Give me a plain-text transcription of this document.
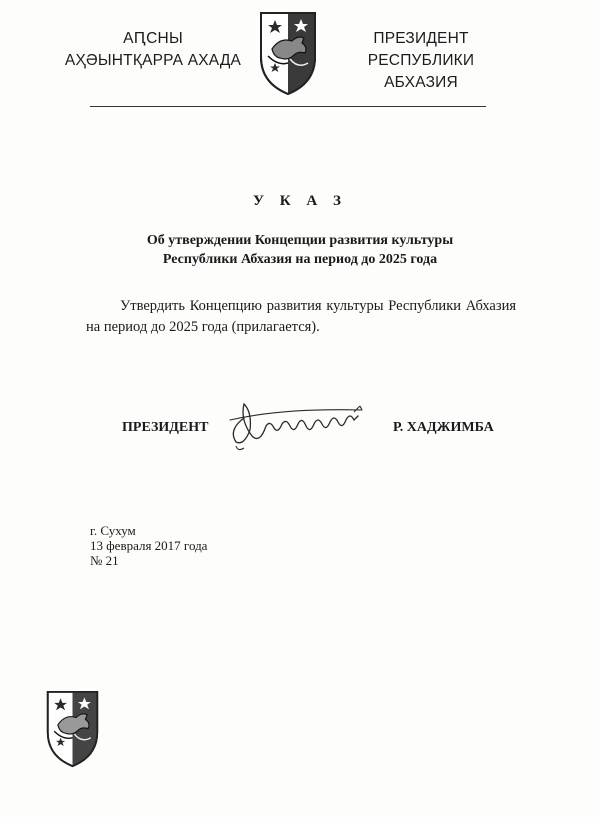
АԤСНЫ
АҲӘЫНТҚАРРА АХАДА
ПРЕЗИДЕНТ
РЕСПУБЛИКИ АБХАЗИЯ
У К А З
Об утверждении Концепции развития культуры
Республики Абхазия на период до 2025 года
Утвердить Концепцию развития культуры Республики Абхазия на период до 2025 года (прилагается).
ПРЕЗИДЕНТ	Р. ХАДЖИМБА
г. Сухум
13 февраля 2017 года
№ 21
